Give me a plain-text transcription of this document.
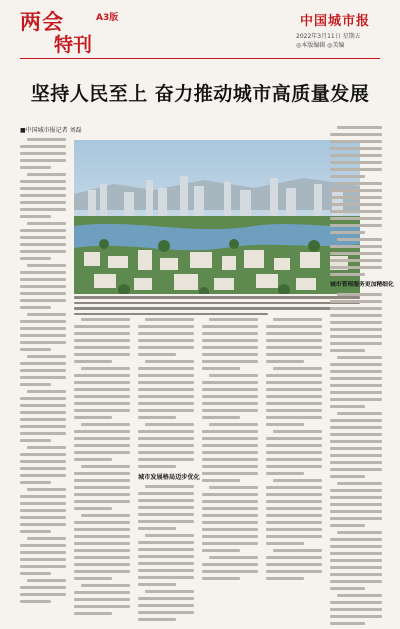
两会
特刊
A3版	中国城市报
2022年3月11日 星期五
◎本版编辑 ◎美编
坚持人民至上 奋力推动城市高质量发展
■中国城市报记者 刘磊
城市发展格局迈步优化
城市管理服务更加精细化
